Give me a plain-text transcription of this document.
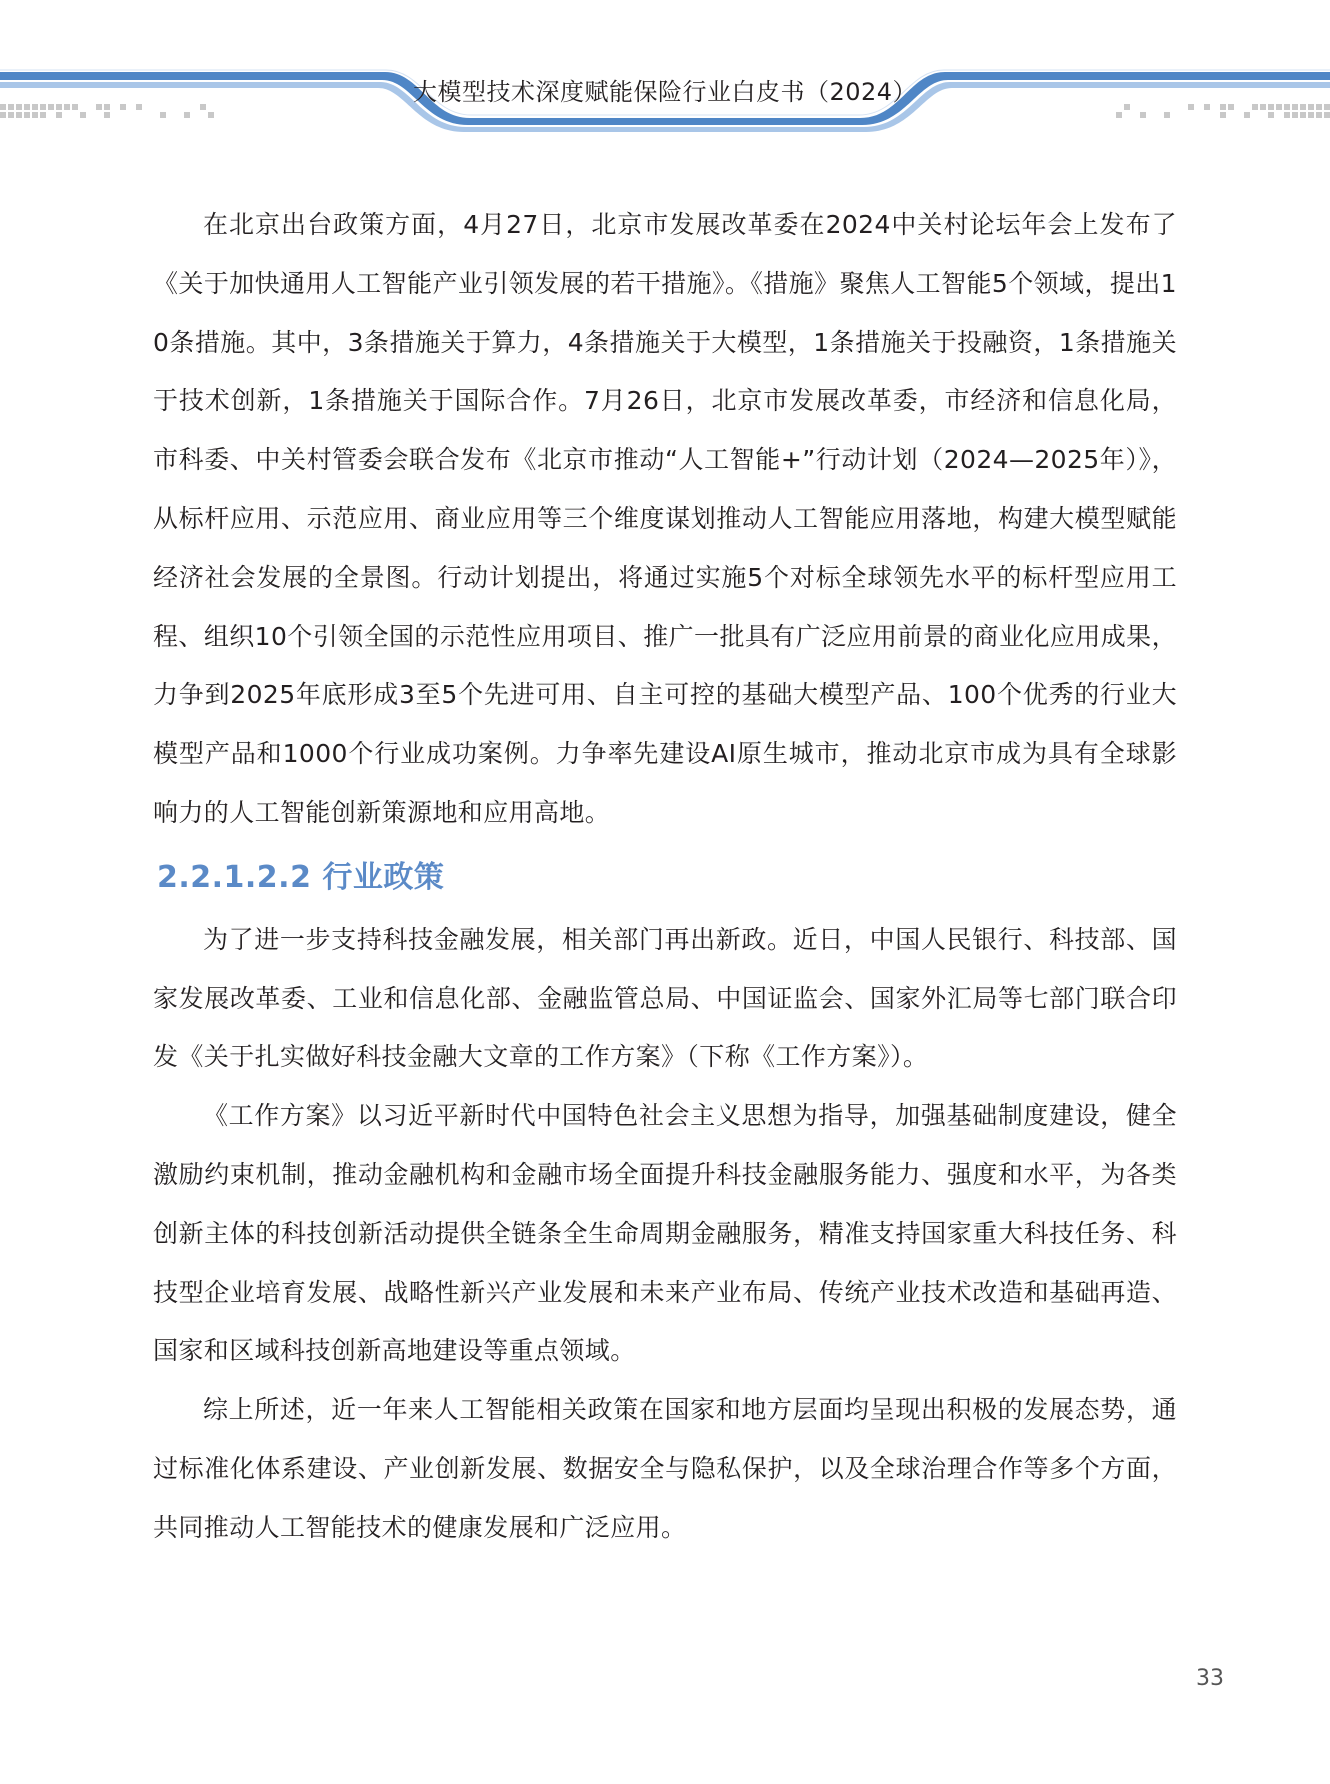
大模型技术深度赋能保险行业白皮书（2024）

在北京出台政策方面，4月27日，北京市发展改革委在2024中关村论坛年会上发布了《关于加快通用人工智能产业引领发展的若干措施》。《措施》聚焦人工智能5个领域，提出10条措施。其中，3条措施关于算力，4条措施关于大模型，1条措施关于投融资，1条措施关于技术创新，1条措施关于国际合作。7月26日，北京市发展改革委，市经济和信息化局，市科委、中关村管委会联合发布《北京市推动“人工智能+”行动计划（2024—2025年）》，从标杆应用、示范应用、商业应用等三个维度谋划推动人工智能应用落地，构建大模型赋能经济社会发展的全景图。行动计划提出，将通过实施5个对标全球领先水平的标杆型应用工程、组织10个引领全国的示范性应用项目、推广一批具有广泛应用前景的商业化应用成果，力争到2025年底形成3至5个先进可用、自主可控的基础大模型产品、100个优秀的行业大模型产品和1000个行业成功案例。力争率先建设AI原生城市，推动北京市成为具有全球影响力的人工智能创新策源地和应用高地。

2.2.1.2.2 行业政策

为了进一步支持科技金融发展，相关部门再出新政。近日，中国人民银行、科技部、国家发展改革委、工业和信息化部、金融监管总局、中国证监会、国家外汇局等七部门联合印发《关于扎实做好科技金融大文章的工作方案》（下称《工作方案》）。

《工作方案》以习近平新时代中国特色社会主义思想为指导，加强基础制度建设，健全激励约束机制，推动金融机构和金融市场全面提升科技金融服务能力、强度和水平，为各类创新主体的科技创新活动提供全链条全生命周期金融服务，精准支持国家重大科技任务、科技型企业培育发展、战略性新兴产业发展和未来产业布局、传统产业技术改造和基础再造、国家和区域科技创新高地建设等重点领域。

综上所述，近一年来人工智能相关政策在国家和地方层面均呈现出积极的发展态势，通过标准化体系建设、产业创新发展、数据安全与隐私保护，以及全球治理合作等多个方面，共同推动人工智能技术的健康发展和广泛应用。

33
